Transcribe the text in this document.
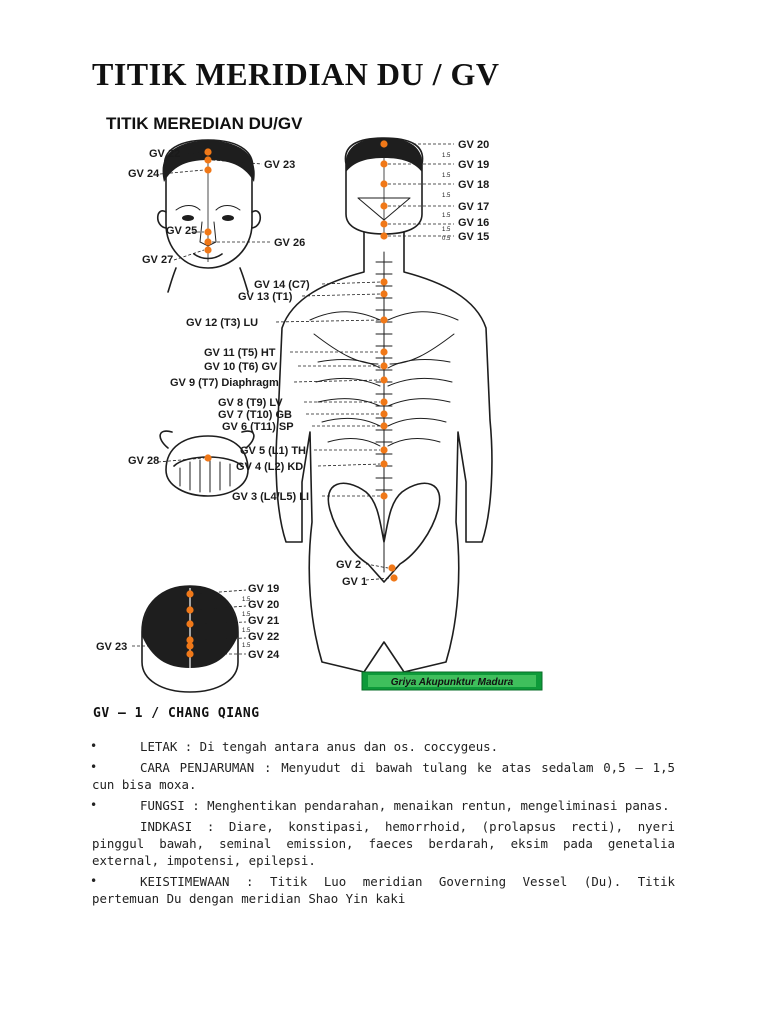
TITIK MERIDIAN DU / GV
TITIK MEREDIAN DU/GV
GV 22
GV 24
GV 23
GV 25
GV 26
GV 27
GV 28
1.5
1.5
1.5
1.5
GV 19
GV 20
GV 21
GV 22
GV 24
GV 23
1.5
1.5
1.5
1.5
1.5
0.5
GV 20
GV 19
GV 18
GV 17
GV 16
GV 15
GV 14 (C7)
GV 13 (T1)
GV 12 (T3) LU
GV 11 (T5) HT
GV 10 (T6) GV
GV 9 (T7) Diaphragm
GV 8 (T9) LV
GV 7 (T10) GB
GV 6 (T11) SP
GV 5 (L1) TH
GV 4 (L2) KD
GV 3 (L4/L5) LI
GV 2
GV 1
Griya Akupunktur Madura
GV – 1 / CHANG QIANG
• LETAK : Di tengah antara anus dan os. coccygeus.
• CARA PENJARUMAN : Menyudut di bawah tulang ke atas sedalam 0,5 – 1,5 cun bisa moxa.
• FUNGSI : Menghentikan pendarahan, menaikan rentun, mengeliminasi panas.
INDKASI : Diare, konstipasi, hemorrhoid, (prolapsus recti), nyeri pinggul bawah, seminal emission, faeces berdarah, eksim pada genetalia external, impotensi, epilepsi.
• KEISTIMEWAAN : Titik Luo meridian Governing Vessel (Du). Titik pertemuan Du dengan meridian Shao Yin kaki
